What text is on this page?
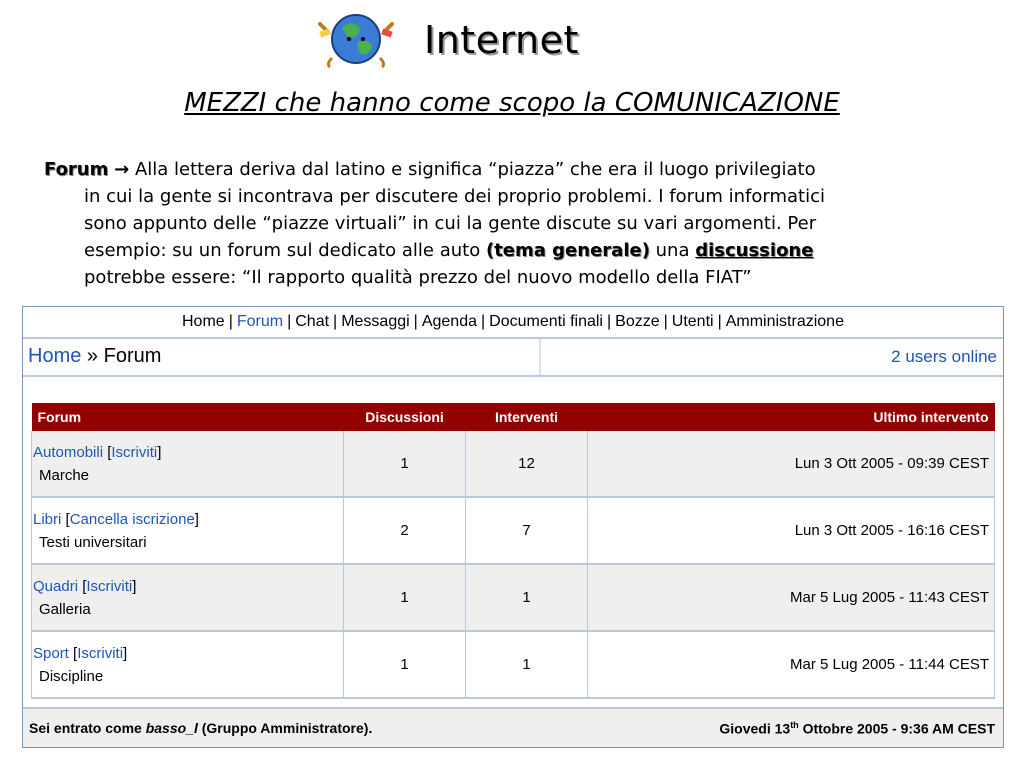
Internet
MEZZI che hanno come scopo la COMUNICAZIONE
Forum → Alla lettera deriva dal latino e significa “piazza” che era il luogo privilegiato
in cui la gente si incontrava per discutere dei proprio problemi. I forum informatici
sono appunto delle “piazze virtuali” in cui la gente discute su vari argomenti. Per
esempio: su un forum sul dedicato alle auto (tema generale) una discussione
potrebbe essere: “Il rapporto qualità prezzo del nuovo modello della FIAT”
Home | Forum | Chat | Messaggi | Agenda | Documenti finali | Bozze | Utenti | Amministrazione
Home » Forum	2 users online
Forum	Discussioni	Interventi	Ultimo intervento
Automobili [Iscriviti]
Marche	1	12	Lun 3 Ott 2005 - 09:39 CEST
Libri [Cancella iscrizione]
Testi universitari	2	7	Lun 3 Ott 2005 - 16:16 CEST
Quadri [Iscriviti]
Galleria	1	1	Mar 5 Lug 2005 - 11:43 CEST
Sport [Iscriviti]
Discipline	1	1	Mar 5 Lug 2005 - 11:44 CEST
Sei entrato come basso_l (Gruppo Amministratore).	Giovedi 13th Ottobre 2005 - 9:36 AM CEST
